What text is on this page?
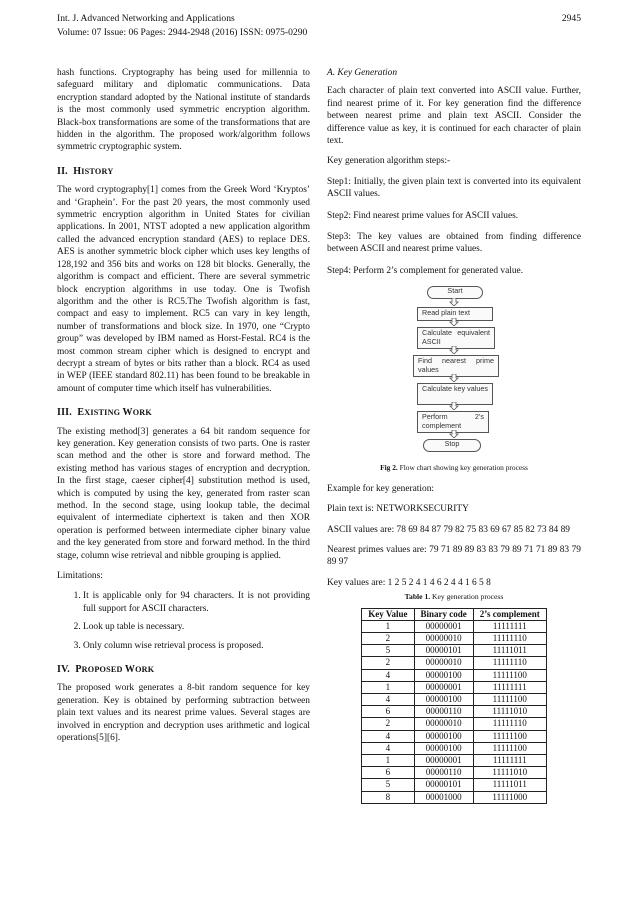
Int. J. Advanced Networking and Applications	2945
Volume: 07 Issue: 06 Pages: 2944-2948 (2016) ISSN: 0975-0290

hash functions. Cryptography has being used for millennia to safeguard military and diplomatic communications. Data encryption standard adopted by the National institute of standards is the most commonly used symmetric encryption algorithm. Black-box transformations are some of the transformations that are hidden in the algorithm. The proposed work/algorithm follows symmetric cryptographic system.

II. HISTORY

The word cryptography[1] comes from the Greek Word ‘Kryptos’ and ‘Graphein’. For the past 20 years, the most commonly used symmetric encryption algorithm in United States for civilian applications. In 2001, NTST adopted a new application algorithm called the advanced encryption standard (AES) to replace DES. AES is another symmetric block cipher which uses key lengths of 128,192 and 356 bits and works on 128 bit blocks. Generally, the algorithm is compact and efficient. There are several symmetric block encryption algorithms in use today. One is Twofish algorithm and the other is RC5.The Twofish algorithm is fast, compact and easy to implement. RC5 can vary in key length, number of transformations and block size. In 1970, one “Crypto group” was developed by IBM named as Horst-Festal. RC4 is the most common stream cipher which is designed to encrypt and decrypt a stream of bytes or bits rather than a block. RC4 as used in WEP (IEEE standard 802.11) has been found to be breakable in amount of computer time which itself has vulnerabilities.

III. EXISTING WORK

The existing method[3] generates a 64 bit random sequence for key generation. Key generation consists of two parts. One is raster scan method and the other is store and forward method. The existing method has various stages of encryption and decryption. In the first stage, caeser cipher[4] substitution method is used, which is computed by using the key, generated from raster scan method. In the second stage, using lookup table, the decimal equivalent of intermediate ciphertext is taken and then XOR operation is performed between intermediate cipher binary value and the key generated from store and forward method. In the third stage, column wise retrieval and nibble grouping is applied.

Limitations:

1. It is applicable only for 94 characters. It is not providing full support for ASCII characters.
2. Look up table is necessary.
3. Only column wise retrieval process is proposed.
IV. PROPOSED WORK

The proposed work generates a 8-bit random sequence for key generation. Key is obtained by performing subtraction between plain text values and its nearest prime values. Several stages are involved in encryption and decryption uses arithmetic and logical operations[5][6].

A. Key Generation

Each character of plain text converted into ASCII value. Further, find nearest prime of it. For key generation find the difference between nearest prime and plain text ASCII. Consider the difference value as key, it is continued for each character of plain text.

Key generation algorithm steps:-

Step1: Initially, the given plain text is converted into its equivalent ASCII values.

Step2: Find nearest prime values for ASCII values.

Step3: The key values are obtained from finding difference between ASCII and nearest prime values.

Step4: Perform 2’s complement for generated value.

Start
Read plain text
Calculate equivalent ASCII
Find nearest prime values
Calculate key values
Perform 2’s complement
Stop
Fig 2. Flow chart showing key generation process

Example for key generation:

Plain text is: NETWORKSECURITY

ASCII values are: 78 69 84 87 79 82 75 83 69 67 85 82 73 84 89

Nearest primes values are: 79 71 89 89 83 83 79 89 71 71 89 83 79 89 97

Key values are: 1 2 5 2 4 1 4 6 2 4 4 1 6 5 8

Table 1. Key generation process
Key Value	Binary code	2’s complement
1	00000001	11111111
2	00000010	11111110
5	00000101	11111011
2	00000010	11111110
4	00000100	11111100
1	00000001	11111111
4	00000100	11111100
6	00000110	11111010
2	00000010	11111110
4	00000100	11111100
4	00000100	11111100
1	00000001	11111111
6	00000110	11111010
5	00000101	11111011
8	00001000	11111000
